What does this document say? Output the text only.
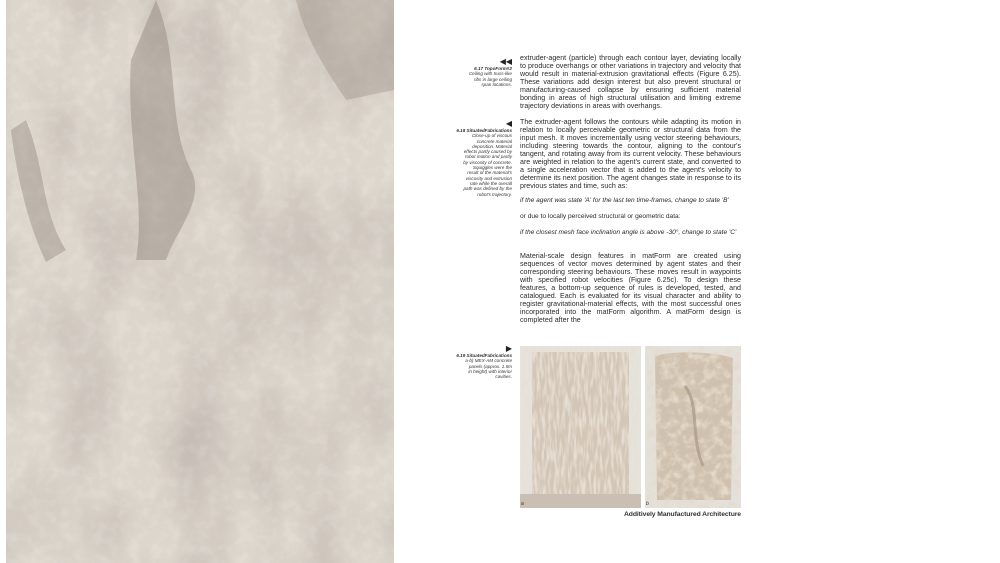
◀◀
6.17 TopoForm#2
Ceiling with truss-like
ribs in large ceiling
span locations.
◀
6.18 SituatedFabrications
Close-up of viscous
concrete material
deposition. Material
effects partly caused by
robot motion and partly
by viscosity of concrete.
Squiggles were the
result of the material's
viscosity and extrusion
rate while the overall
path was defined by the
robot's trajectory.
▶
6.19 SituatedFabrications
a-b) MEX-AM concrete
panels (approx. 1.5m
in height) with interior
cavities.

extruder-agent (particle) through each contour layer, deviating locally to produce overhangs or other variations in trajectory and velocity that would result in material-extrusion gravitational effects (Figure 6.25). These variations add design interest but also prevent structural or manufacturing-caused collapse by ensuring sufficient material bonding in areas of high structural utilisation and limiting extreme trajectory deviations in areas with overhangs.

The extruder-agent follows the contours while adapting its motion in relation to locally perceivable geometric or structural data from the input mesh. It moves incrementally using vector steering behaviours, including steering towards the contour, aligning to the contour's tangent, and rotating away from its current velocity. These behaviours are weighted in relation to the agent's current state, and converted to a single acceleration vector that is added to the agent's velocity to determine its next position. The agent changes state in response to its previous states and time, such as:

if the agent was state 'A' for the last ten time-frames, change to state 'B'

or due to locally perceived structural or geometric data:

if the closest mesh face inclination angle is above -30°, change to state 'C'

Material-scale design features in matForm are created using sequences of vector moves determined by agent states and their corresponding steering behaviours. These moves result in waypoints with specified robot velocities (Figure 6.25c). To design these features, a bottom-up sequence of rules is developed, tested, and catalogued. Each is evaluated for its visual character and ability to register gravitational-material effects, with the most successful ones incorporated into the matForm algorithm. A matForm design is completed after the

a	b
Additively Manufactured Architecture
